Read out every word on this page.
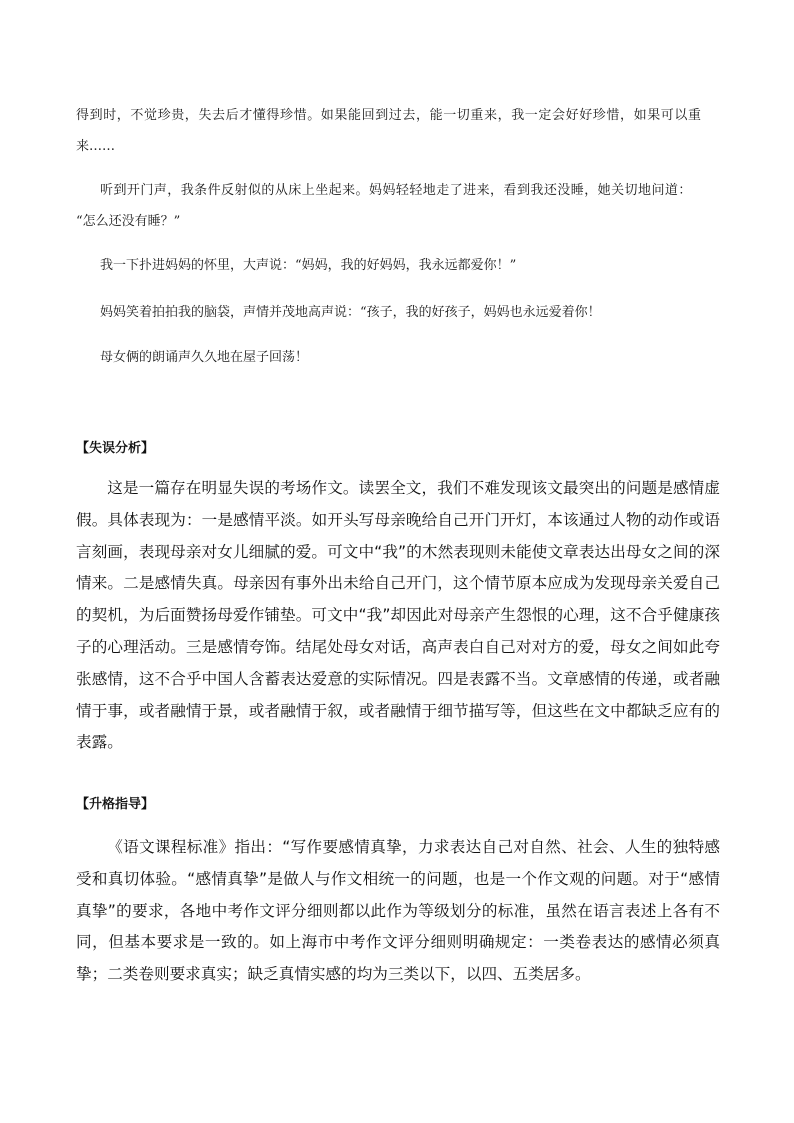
得到时，不觉珍贵，失去后才懂得珍惜。如果能回到过去，能一切重来，我一定会好好珍惜，如果可以重
来……
听到开门声，我条件反射似的从床上坐起来。妈妈轻轻地走了进来，看到我还没睡，她关切地问道：
“怎么还没有睡？”
我一下扑进妈妈的怀里，大声说：“妈妈，我的好妈妈，我永远都爱你！”
妈妈笑着拍拍我的脑袋，声情并茂地高声说：“孩子，我的好孩子，妈妈也永远爱着你！
母女俩的朗诵声久久地在屋子回荡！
【失误分析】

这是一篇存在明显失误的考场作文。读罢全文，我们不难发现该文最突出的问题是感情虚假。具体表现为：一是感情平淡。如开头写母亲晚给自己开门开灯，本该通过人物的动作或语言刻画，表现母亲对女儿细腻的爱。可文中“我”的木然表现则未能使文章表达出母女之间的深情来。二是感情失真。母亲因有事外出未给自己开门，这个情节原本应成为发现母亲关爱自己的契机，为后面赞扬母爱作铺垫。可文中“我”却因此对母亲产生怨恨的心理，这不合乎健康孩子的心理活动。三是感情夸饰。结尾处母女对话，高声表白自己对对方的爱，母女之间如此夸张感情，这不合乎中国人含蓄表达爱意的实际情况。四是表露不当。文章感情的传递，或者融情于事，或者融情于景，或者融情于叙，或者融情于细节描写等，但这些在文中都缺乏应有的表露。

【升格指导】

《语文课程标准》指出：“写作要感情真挚，力求表达自己对自然、社会、人生的独特感受和真切体验。“感情真挚”是做人与作文相统一的问题，也是一个作文观的问题。对于“感情真挚”的要求，各地中考作文评分细则都以此作为等级划分的标准，虽然在语言表述上各有不同，但基本要求是一致的。如上海市中考作文评分细则明确规定：一类卷表达的感情必须真挚；二类卷则要求真实；缺乏真情实感的均为三类以下，以四、五类居多。
